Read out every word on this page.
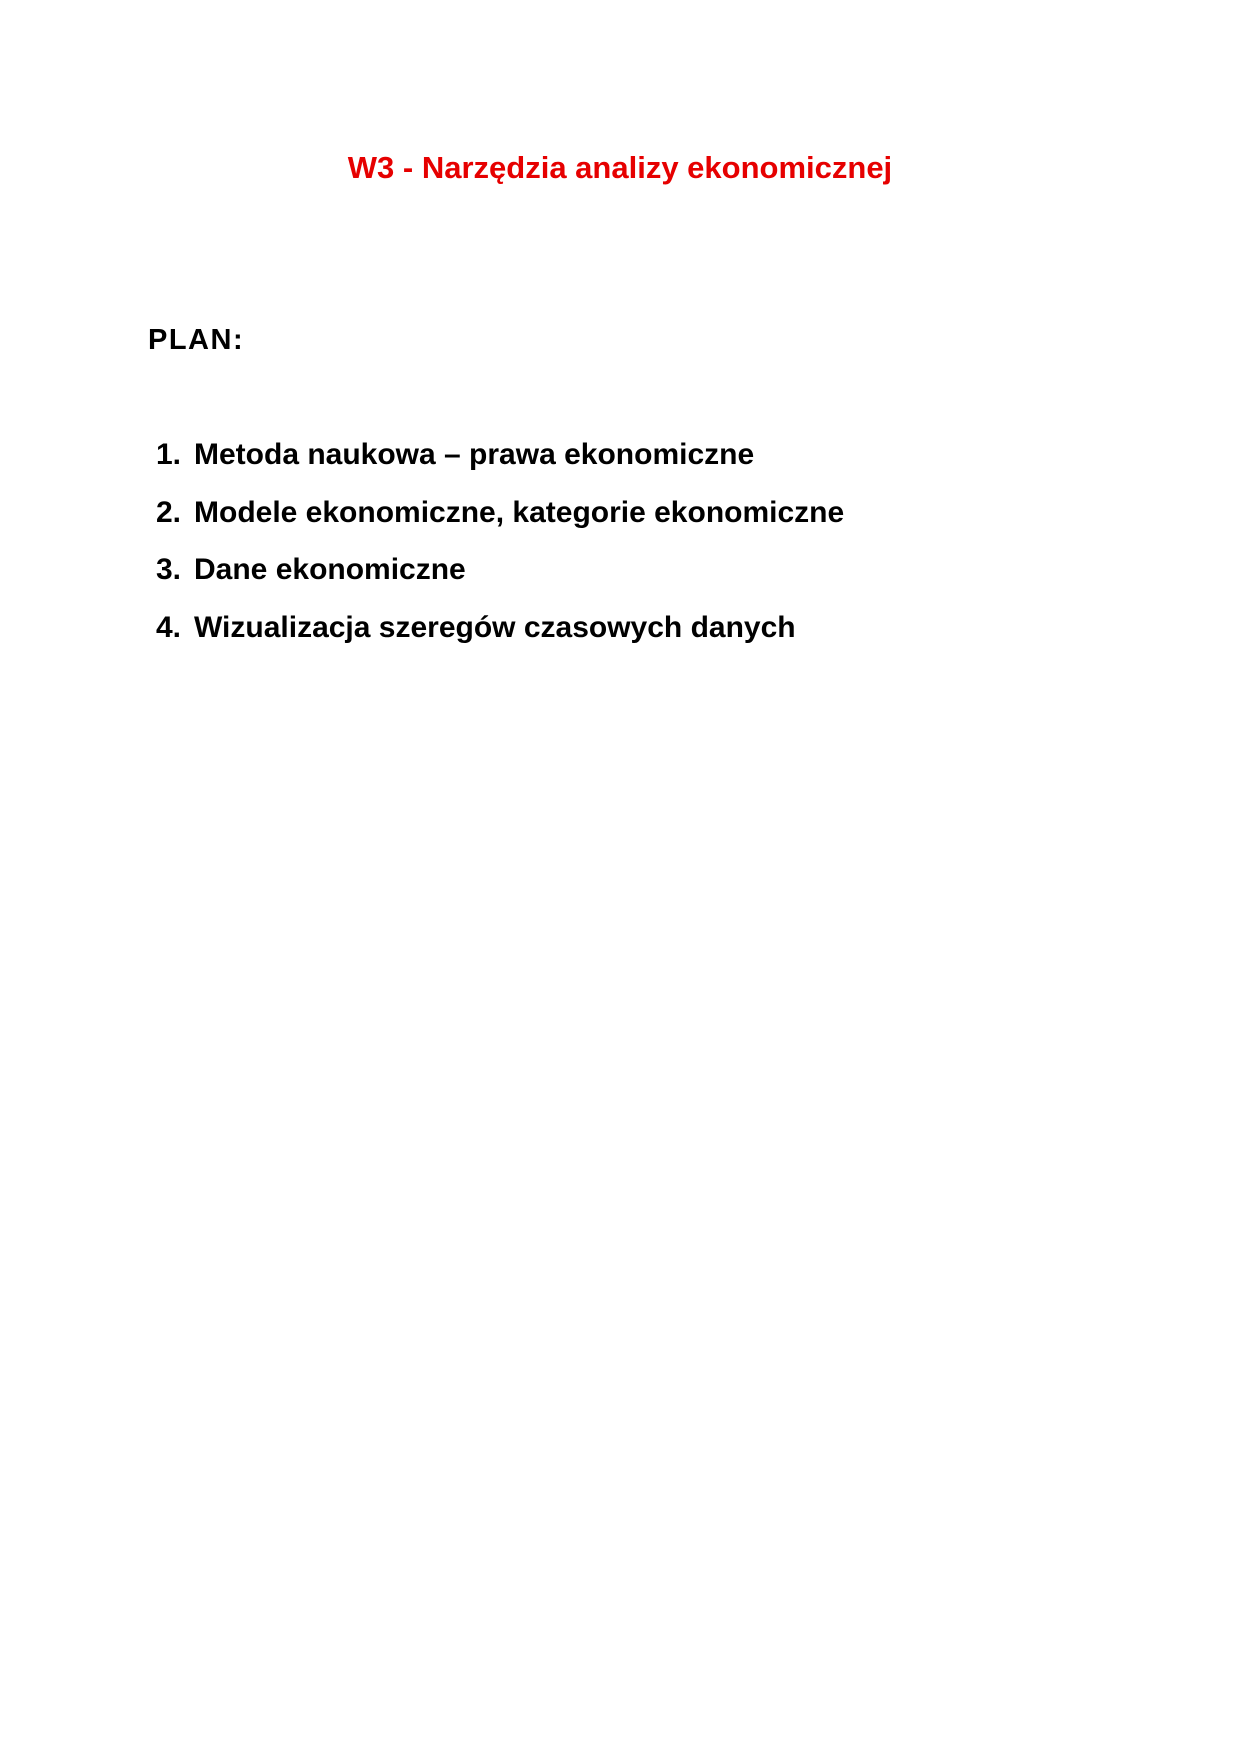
W3 - Narzędzia analizy ekonomicznej
PLAN:
1. Metoda naukowa – prawa ekonomiczne
2. Modele ekonomiczne, kategorie ekonomiczne
3. Dane ekonomiczne
4. Wizualizacja szeregów czasowych danych
